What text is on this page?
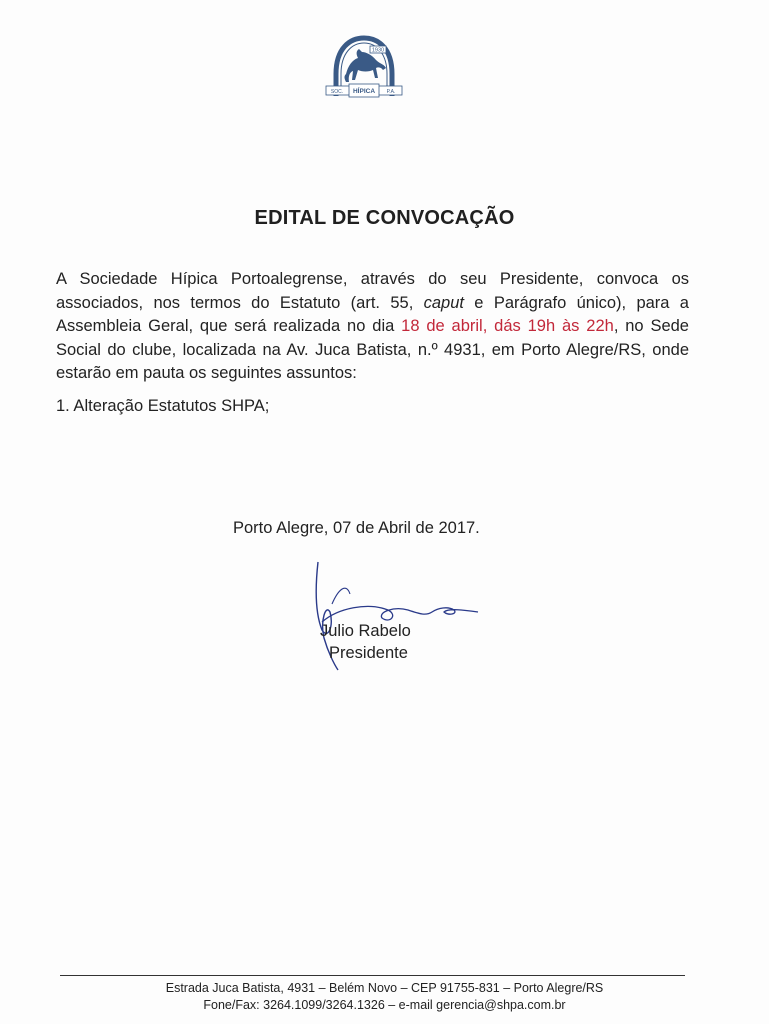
1930
SOC. HÍPICA P.A.
EDITAL DE CONVOCAÇÃO

A Sociedade Hípica Portoalegrense, através do seu Presidente, convoca os associados, nos termos do Estatuto (art. 55, caput e Parágrafo único), para a Assembleia Geral, que será realizada no dia 18 de abril, dás 19h às 22h, no Sede Social do clube, localizada na Av. Juca Batista, n.º 4931, em Porto Alegre/RS, onde estarão em pauta os seguintes assuntos:

1. Alteração Estatutos SHPA;
Porto Alegre, 07 de Abril de 2017.
Julio Rabelo
Presidente
Estrada Juca Batista, 4931 – Belém Novo – CEP 91755-831 – Porto Alegre/RS
Fone/Fax: 3264.1099/3264.1326 – e-mail gerencia@shpa.com.br
